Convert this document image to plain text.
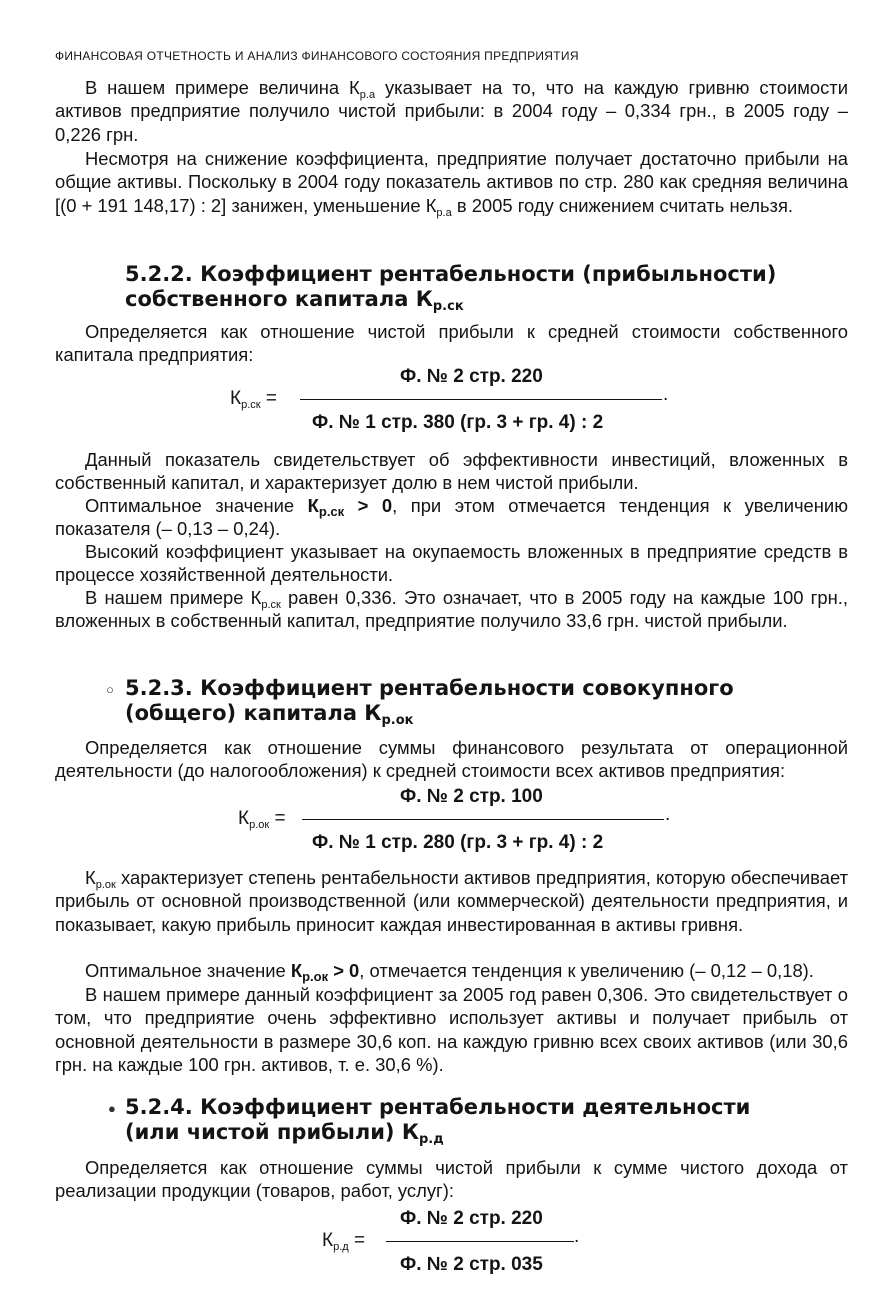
ФИНАНСОВАЯ ОТЧЕТНОСТЬ И АНАЛИЗ ФИНАНСОВОГО СОСТОЯНИЯ ПРЕДПРИЯТИЯ

В нашем примере величина $К_{р.а}$ указывает на то, что на каждую гривню стоимости активов предприятие получило чистой прибыли: в 2004 году – 0,334 грн., в 2005 году – 0,226 грн.

Несмотря на снижение коэффициента, предприятие получает достаточно прибыли на общие активы. Поскольку в 2004 году показатель активов по стр. 280 как средняя величина [(0 + 191 148,17) : 2] занижен, уменьшение $К_{р.а}$ в 2005 году снижением считать нельзя.

5.2.2. Коэффициент рентабельности (прибыльности)
собственного капитала $К_{р.ск}$

Определяется как отношение чистой прибыли к средней стоимости собственного капитала предприятия:

$К_{р.ск}$ =
Ф. № 2 стр. 220
.
Ф. № 1 стр. 380 (гр. 3 + гр. 4) : 2

Данный показатель свидетельствует об эффективности инвестиций, вложенных в собственный капитал, и характеризует долю в нем чистой прибыли.

Оптимальное значение $К_{р.ск} > 0$, при этом отмечается тенденция к увеличению показателя (– 0,13 – 0,24).

Высокий коэффициент указывает на окупаемость вложенных в предприятие средств в процессе хозяйственной деятельности.

В нашем примере $К_{р.ск}$ равен 0,336. Это означает, что в 2005 году на каждые 100 грн., вложенных в собственный капитал, предприятие получило 33,6 грн. чистой прибыли.

○ 5.2.3. Коэффициент рентабельности совокупного
(общего) капитала $К_{р.ок}$

Определяется как отношение суммы финансового результата от операционной деятельности (до налогообложения) к средней стоимости всех активов предприятия:

$К_{р.ок}$ =
Ф. № 2 стр. 100
.
Ф. № 1 стр. 280 (гр. 3 + гр. 4) : 2

$К_{р.ок}$ характеризует степень рентабельности активов предприятия, которую обеспечивает прибыль от основной производственной (или коммерческой) деятельности предприятия, и показывает, какую прибыль приносит каждая инвестированная в активы гривня.

Оптимальное значение $К_{р.ок} > 0$, отмечается тенденция к увеличению (– 0,12 – 0,18).

В нашем примере данный коэффициент за 2005 год равен 0,306. Это свидетельствует о том, что предприятие очень эффективно использует активы и получает прибыль от основной деятельности в размере 30,6 коп. на каждую гривню всех своих активов (или 30,6 грн. на каждые 100 грн. активов, т. е. 30,6 %).

● 5.2.4. Коэффициент рентабельности деятельности
(или чистой прибыли) $К_{р.д}$

Определяется как отношение суммы чистой прибыли к сумме чистого дохода от реализации продукции (товаров, работ, услуг):

$К_{р.д}$ =
Ф. № 2 стр. 220
.
Ф. № 2 стр. 035
